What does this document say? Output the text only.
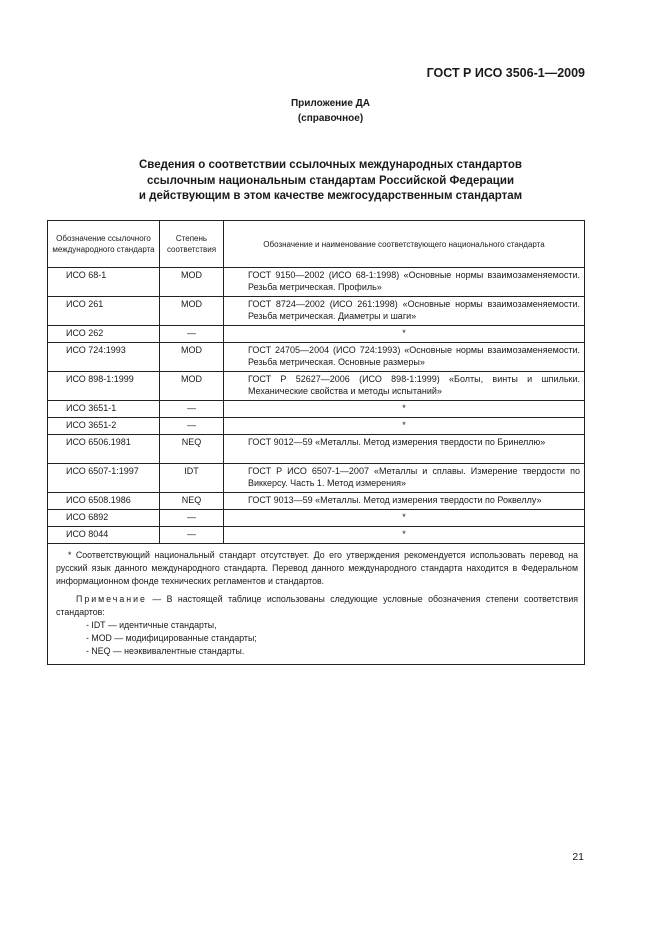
ГОСТ Р ИСО 3506-1—2009
Приложение ДА
(справочное)
Сведения о соответствии ссылочных международных стандартов
ссылочным национальным стандартам Российской Федерации
и действующим в этом качестве межгосударственным стандартам
Обозначение ссылочного международного стандарта	Степень соответствия	Обозначение и наименование соответствующего национального стандарта
ИСО 68-1	MOD	ГОСТ 9150—2002 (ИСО 68-1:1998) «Основные нормы взаимозаменяемости. Резьба метрическая. Профиль»

ИСО 261	MOD	ГОСТ 8724—2002 (ИСО 261:1998) «Основные нормы взаимозаменяемости. Резьба метрическая. Диаметры и шаги»

ИСО 262	—	*
ИСО 724:1993	MOD	ГОСТ 24705—2004 (ИСО 724:1993) «Основные нормы взаимозаменяемости. Резьба метрическая. Основные размеры»

ИСО 898-1:1999	MOD	ГОСТ Р 52627—2006 (ИСО 898-1:1999) «Болты, винты и шпильки. Механические свойства и методы испытаний»

ИСО 3651-1	—	*
ИСО 3651-2	—	*
ИСО 6506.1981	NEQ	ГОСТ 9012—59 «Металлы. Метод измерения твердости по Бринеллю»

ИСО 6507-1:1997	IDT	ГОСТ Р ИСО 6507-1—2007 «Металлы и сплавы. Измерение твердости по Виккерсу. Часть 1. Метод измерения»

ИСО 6508.1986	NEQ	ГОСТ 9013—59 «Металлы. Метод измерения твердости по Роквеллу»

ИСО 6892	—	*
ИСО 8044	—	*

* Соответствующий национальный стандарт отсутствует. До его утверждения рекомендуется использовать перевод на русский язык данного международного стандарта. Перевод данного международного стандарта находится в Федеральном информационном фонде технических регламентов и стандартов.
Примечание — В настоящей таблице использованы следующие условные обозначения степени соответствия стандартов:
- IDT — идентичные стандарты,
- MOD — модифицированные стандарты;
- NEQ — неэквивалентные стандарты.		
21
